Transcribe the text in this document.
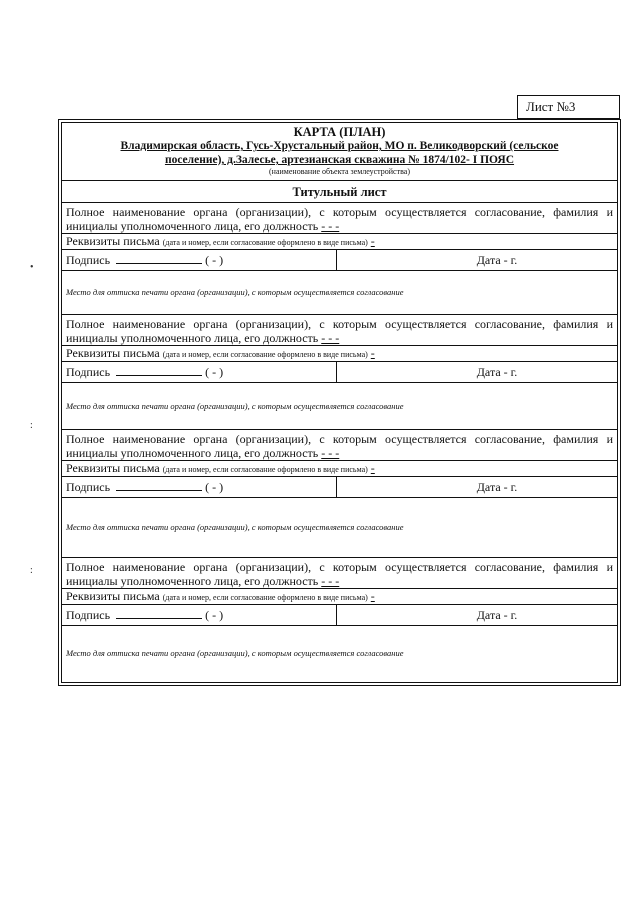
Лист №3
•
:
:
КАРТА (ПЛАН)
Владимирская область, Гусь-Хрустальный район, МО п. Великодворский (сельское
поселение), д.Залесье, артезианская скважина № 1874/102- I ПОЯС
(наименование объекта землеустройства)
Титульный лист
Полное наименование органа (организации), с которым осуществляется согласование, фамилия и инициалы уполномоченного лица, его должность - - -
Реквизиты письма (дата и номер, если согласование оформлено в виде письма) -
Подпись	( - )	Дата - г.
Место для оттиска печати органа (организации), с которым осуществляется согласование
Полное наименование органа (организации), с которым осуществляется согласование, фамилия и инициалы уполномоченного лица, его должность - - -
Реквизиты письма (дата и номер, если согласование оформлено в виде письма) -
Подпись	( - )	Дата - г.
Место для оттиска печати органа (организации), с которым осуществляется согласование
Полное наименование органа (организации), с которым осуществляется согласование, фамилия и инициалы уполномоченного лица, его должность - - -
Реквизиты письма (дата и номер, если согласование оформлено в виде письма) -
Подпись	( - )	Дата - г.
Место для оттиска печати органа (организации), с которым осуществляется согласование
Полное наименование органа (организации), с которым осуществляется согласование, фамилия и инициалы уполномоченного лица, его должность - - -
Реквизиты письма (дата и номер, если согласование оформлено в виде письма) -
Подпись	( - )	Дата - г.
Место для оттиска печати органа (организации), с которым осуществляется согласование
